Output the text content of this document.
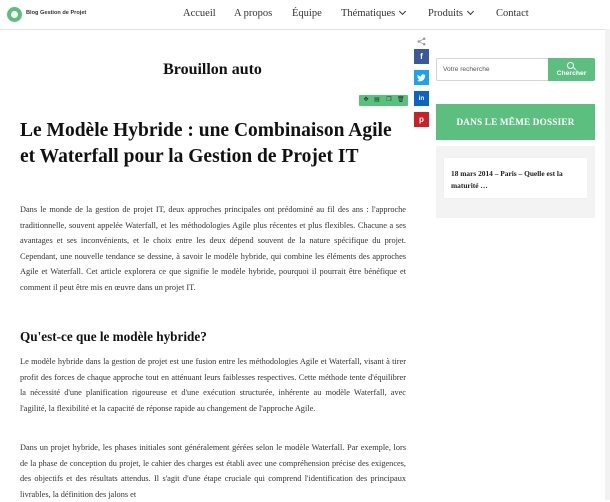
Blog Gestion de Projet	Accueil A propos Équipe Thématiques	Produits	Contact
Brouillon auto
✥ ▤ ❐ 🗑
Le Modèle Hybride : une Combinaison Agile et Waterfall pour la Gestion de Projet IT

Dans le monde de la gestion de projet IT, deux approches principales ont prédominé au fil des ans : l'approche traditionnelle, souvent appelée Waterfall, et les méthodologies Agile plus récentes et plus flexibles. Chacune a ses avantages et ses inconvénients, et le choix entre les deux dépend souvent de la nature spécifique du projet. Cependant, une nouvelle tendance se dessine, à savoir le modèle hybride, qui combine les éléments des approches Agile et Waterfall. Cet article explorera ce que signifie le modèle hybride, pourquoi il pourrait être bénéfique et comment il peut être mis en œuvre dans un projet IT.

Qu'est-ce que le modèle hybride?

Le modèle hybride dans la gestion de projet est une fusion entre les méthodologies Agile et Waterfall, visant à tirer profit des forces de chaque approche tout en atténuant leurs faiblesses respectives. Cette méthode tente d'équilibrer la nécessité d'une planification rigoureuse et d'une exécution structurée, inhérente au modèle Waterfall, avec l'agilité, la flexibilité et la capacité de réponse rapide au changement de l'approche Agile.

Dans un projet hybride, les phases initiales sont généralement gérées selon le modèle Waterfall. Par exemple, lors de la phase de conception du projet, le cahier des charges est établi avec une compréhension précise des exigences, des objectifs et des résultats attendus. Il s'agit d'une étape cruciale qui comprend l'identification des principaux livrables, la définition des jalons et

f
in
p
Votre recherche
Chercher
DANS LE MÊME DOSSIER
18 mars 2014 – Paris – Quelle est la maturité …
